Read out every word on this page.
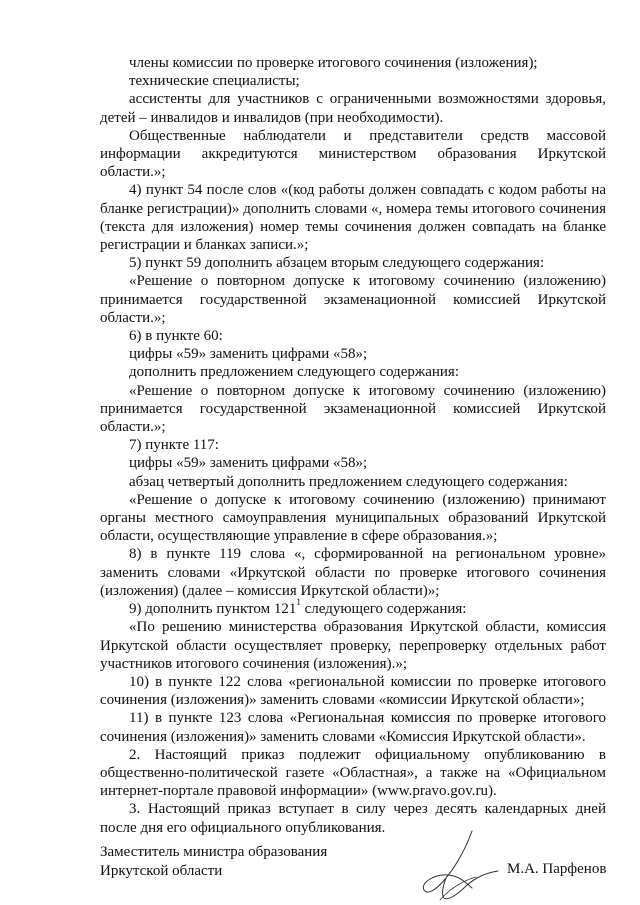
члены комиссии по проверке итогового сочинения (изложения);

технические специалисты;

ассистенты для участников с ограниченными возможностями здоровья, детей – инвалидов и инвалидов (при необходимости).

Общественные наблюдатели и представители средств массовой информации аккредитуются министерством образования Иркутской области.»;

4) пункт 54 после слов «(код работы должен совпадать с кодом работы на бланке регистрации)» дополнить словами «, номера темы итогового сочинения (текста для изложения) номер темы сочинения должен совпадать на бланке регистрации и бланках записи.»;

5) пункт 59 дополнить абзацем вторым следующего содержания:

«Решение о повторном допуске к итоговому сочинению (изложению) принимается государственной экзаменационной комиссией Иркутской области.»;

6) в пункте 60:

цифры «59» заменить цифрами «58»;

дополнить предложением следующего содержания:

«Решение о повторном допуске к итоговому сочинению (изложению) принимается государственной экзаменационной комиссией Иркутской области.»;

7) пункте 117:

цифры «59» заменить цифрами «58»;

абзац четвертый дополнить предложением следующего содержания:

«Решение о допуске к итоговому сочинению (изложению) принимают органы местного самоуправления муниципальных образований Иркутской области, осуществляющие управление в сфере образования.»;

8) в пункте 119 слова «, сформированной на региональном уровне» заменить словами «Иркутской области по проверке итогового сочинения (изложения) (далее – комиссия Иркутской области)»;

9) дополнить пунктом $121^1$ следующего содержания:

«По решению министерства образования Иркутской области, комиссия Иркутской области осуществляет проверку, перепроверку отдельных работ участников итогового сочинения (изложения).»;

10) в пункте 122 слова «региональной комиссии по проверке итогового сочинения (изложения)» заменить словами «комиссии Иркутской области»;

11) в пункте 123 слова «Региональная комиссия по проверке итогового сочинения (изложения)» заменить словами «Комиссия Иркутской области».

2. Настоящий приказ подлежит официальному опубликованию в общественно-политической газете «Областная», а также на «Официальном интернет-портале правовой информации» (www.pravo.gov.ru).

3. Настоящий приказ вступает в силу через десять календарных дней после дня его официального опубликования.

Заместитель министра образования
Иркутской области	М.А. Парфенов
